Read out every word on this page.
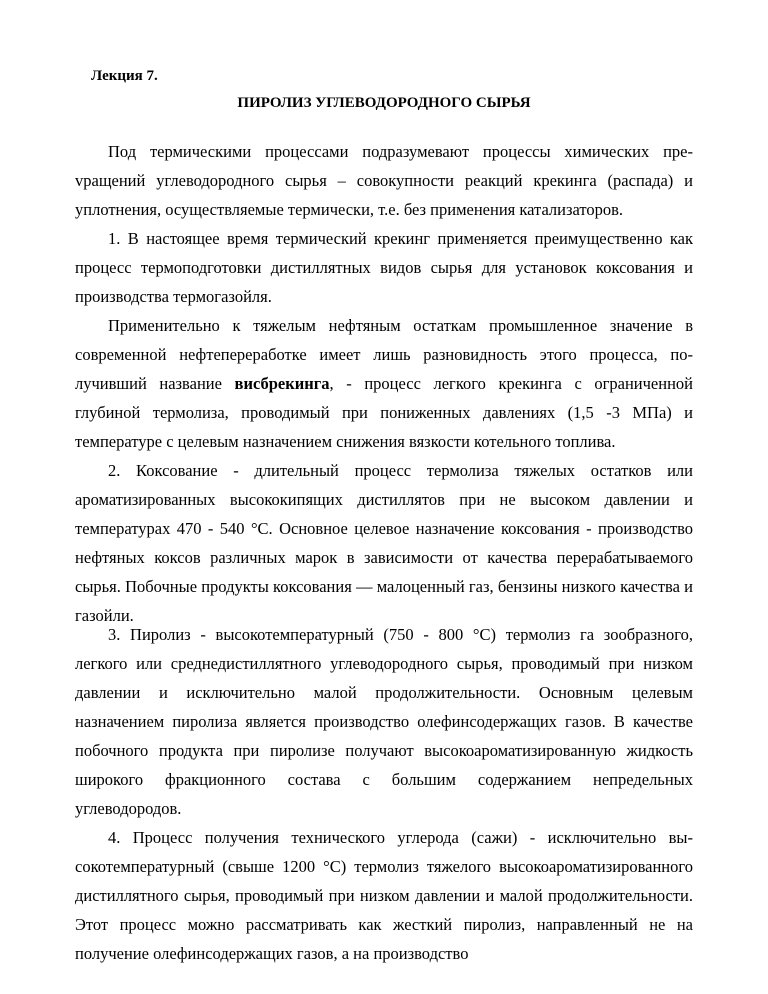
Лекция 7.
ПИРОЛИЗ УГЛЕВОДОРОДНОГО СЫРЬЯ

Под термическими процессами подразумевают процессы химических преvращений углеводородного сырья – совокупности реакций крекинга (распада) и уплотнения, осуществляемые термически, т.е. без применения катализаторов.

1. В настоящее время термический крекинг применяется преимущественно как процесс термоподготовки дистиллятных видов сырья для установок коксования и производства термогазойля.

Применительно к тяжелым нефтяным остаткам промышленное значение в современной нефтепереработке имеет лишь разновидность этого процесса, получивший название висбрекинга, - процесс легкого крекинга с ограниченной глубиной термолиза, проводимый при пониженных давлениях (1,5 -3 МПа) и температуре с целевым назначением снижения вязкости котельного топлива.

2. Коксование - длительный процесс термолиза тяжелых остатков или ароматизированных высококипящих дистиллятов при не высоком давлении и температурах 470 - 540 °С. Основное целевое назначение коксования - производство нефтяных коксов различных марок в зависимости от качества перерабатываемого сырья. Побочные продукты коксования — малоценный газ, бензины низкого качества и газойли.

3. Пиролиз - высокотемпературный (750 - 800 °С) термолиз га зообразного, легкого или среднедистиллятного углеводородного сырья, проводимый при низком давлении и исключительно малой продолжительности. Основным целевым назначением пиролиза является производство олефинсодержащих газов. В качестве побочного продукта при пиролизе получают высокоароматизированную жидкость широкого фракционного состава с большим содержанием непредельных углеводородов.

4. Процесс получения технического углерода (сажи) - исключительно высокотемпературный (свыше 1200 °С) термолиз тяжелого высокоароматизированного дистиллятного сырья, проводимый при низком давлении и малой продолжительности. Этот процесс можно рассматривать как жесткий пиролиз, направленный не на получение олефинсодержащих газов, а на производство
